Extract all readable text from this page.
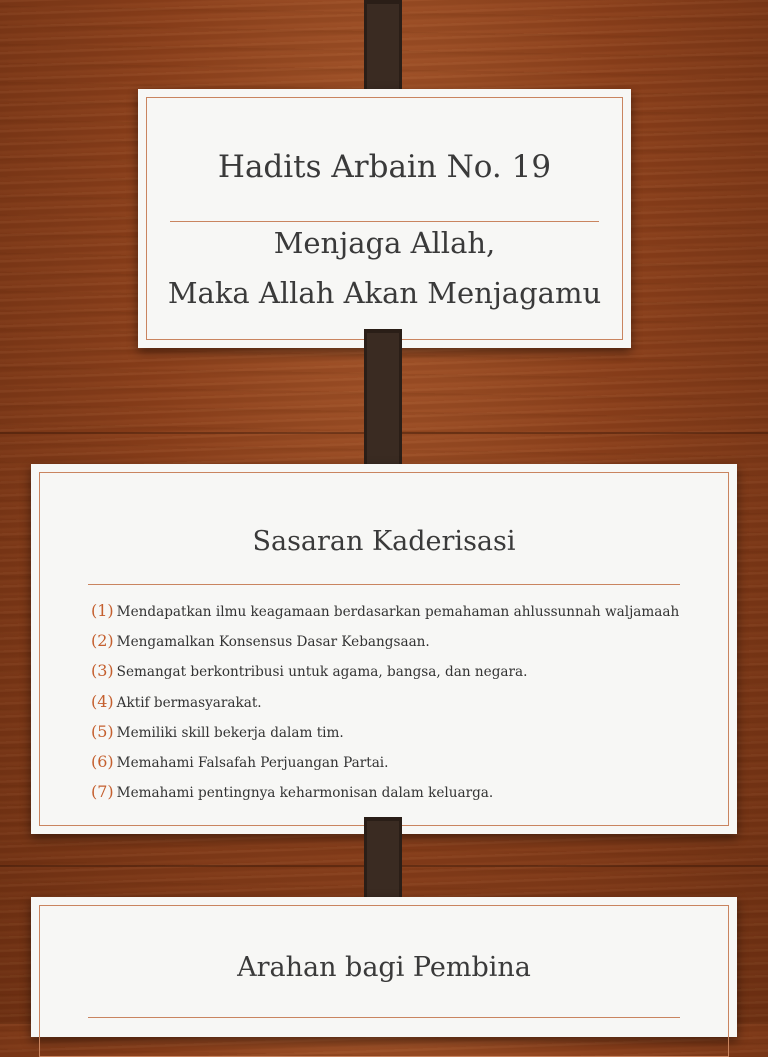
Hadits Arbain No. 19
Menjaga Allah,
Maka Allah Akan Menjagamu
Sasaran Kaderisasi
(1) Mendapatkan ilmu keagamaan berdasarkan pemahaman ahlussunnah waljamaah
(2) Mengamalkan Konsensus Dasar Kebangsaan.
(3) Semangat berkontribusi untuk agama, bangsa, dan negara.
(4) Aktif bermasyarakat.
(5) Memiliki skill bekerja dalam tim.
(6) Memahami Falsafah Perjuangan Partai.
(7) Memahami pentingnya keharmonisan dalam keluarga.
Arahan bagi Pembina
